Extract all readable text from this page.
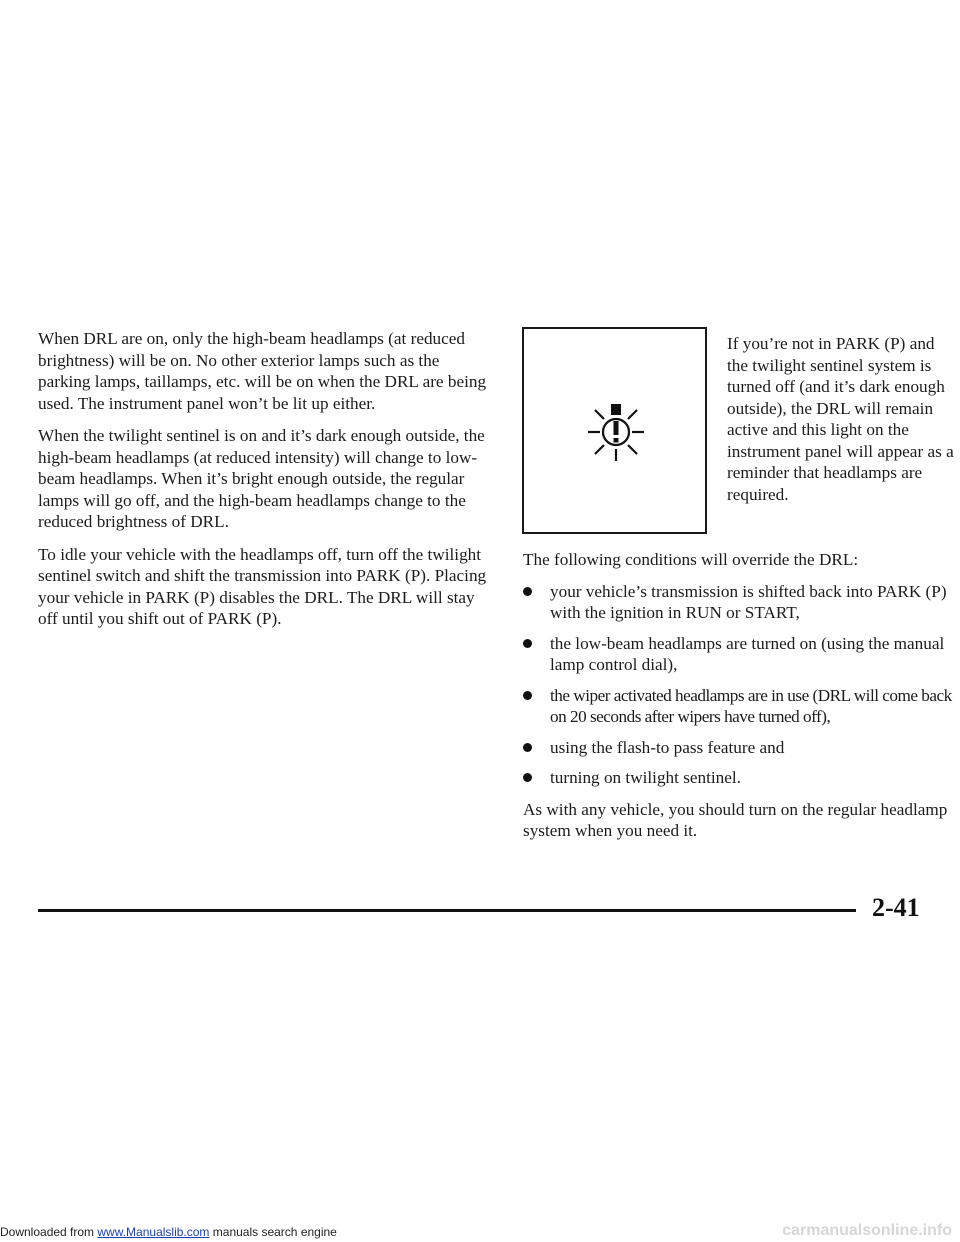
When DRL are on, only the high-beam headlamps (at reduced brightness) will be on. No other exterior lamps such as the parking lamps, taillamps, etc. will be on when the DRL are being used. The instrument panel won’t be lit up either.

When the twilight sentinel is on and it’s dark enough outside, the high-beam headlamps (at reduced intensity) will change to low-beam headlamps. When it’s bright enough outside, the regular lamps will go off, and the high-beam headlamps change to the reduced brightness of DRL.

To idle your vehicle with the headlamps off, turn off the twilight sentinel switch and shift the transmission into PARK (P). Placing your vehicle in PARK (P) disables the DRL. The DRL will stay off until you shift out of PARK (P).

If you’re not in PARK (P) and the twilight sentinel system is turned off (and it’s dark enough outside), the DRL will remain active and this light on the instrument panel will appear as a reminder that headlamps are required.

The following conditions will override the DRL:

your vehicle’s transmission is shifted back into PARK (P) with the ignition in RUN or START,
the low-beam headlamps are turned on (using the manual lamp control dial),
the wiper activated headlamps are in use (DRL will come back on 20 seconds after wipers have turned off),
using the flash-to pass feature and
turning on twilight sentinel.

As with any vehicle, you should turn on the regular headlamp system when you need it.

2-41
Downloaded from www.Manualslib.com manuals search engine	carmanualsonline.info
